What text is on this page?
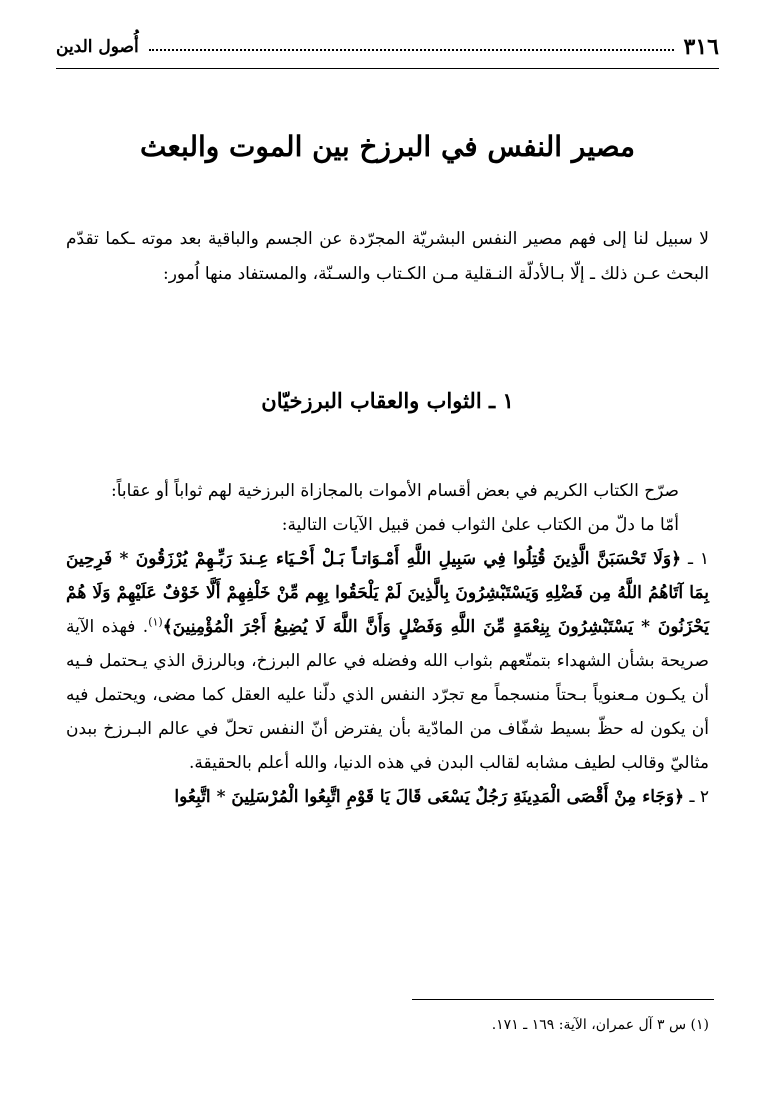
٣١٦
أُصول الدين
مصير النفس في البرزخ بين الموت والبعث
لا سبيل لنا إلى فهم مصير النفس البشريّة المجرّدة عن الجسم والباقية بعد موته ـكما تقدّم البحث عـن ذلك ـ إلّا بـالأدلّة النـقلية مـن الكـتاب والسـنّة، والمستفاد منها اُمور:
١ ـ الثواب والعقاب البرزخيّان

صرّح الكتاب الكريم في بعض أقسام الأموات بالمجازاة البرزخية لهم ثواباً أو عقاباً:

أمّا ما دلّ من الكتاب علىٰ الثواب فمن قبيل الآيات التالية:

١ ـ ﴿وَلَا تَحْسَبَنَّ الَّذِينَ قُتِلُوا فِي سَبِيلِ اللَّهِ أَمْـوَاتـاً بَـلْ أَحْـيَاء عِـندَ رَبِّـهِمْ يُرْزَقُونَ * فَرِحِينَ بِمَا آتَاهُمُ اللَّهُ مِن فَضْلِهِ وَيَسْتَبْشِرُونَ بِالَّذِينَ لَمْ يَلْحَقُوا بِهِم مِّنْ خَلْفِهِمْ أَلَّا خَوْفٌ عَلَيْهِمْ وَلَا هُمْ يَحْزَنُونَ * يَسْتَبْشِرُونَ بِنِعْمَةٍ مِّنَ اللَّهِ وَفَضْلٍ وَأَنَّ اللَّهَ لَا يُضِيعُ أَجْرَ الْمُؤْمِنِينَ﴾$^{(١)}$. فهذه الآية صريحة بشأن الشهداء بتمتّعهم بثواب الله وفضله في عالم البرزخ، وبالرزق الذي يـحتمل فـيه أن يكـون مـعنوياً بـحتاً منسجماً مع تجرّد النفس الذي دلّنا عليه العقل كما مضى، ويحتمل فيه أن يكون له حظّ بسيط شفّاف من المادّية بأن يفترض أنّ النفس تحلّ في عالم البـرزخ ببدن مثاليّ وقالب لطيف مشابه لقالب البدن في هذه الدنيا، والله أعلم بالحقيقة.

٢ ـ ﴿وَجَاء مِنْ أَقْصَى الْمَدِينَةِ رَجُلٌ يَسْعَى قَالَ يَا قَوْمِ اتَّبِعُوا الْمُرْسَلِينَ * اتَّبِعُوا

(١) س ٣ آل عمران، الآية: ١٦٩ ـ ١٧١.
